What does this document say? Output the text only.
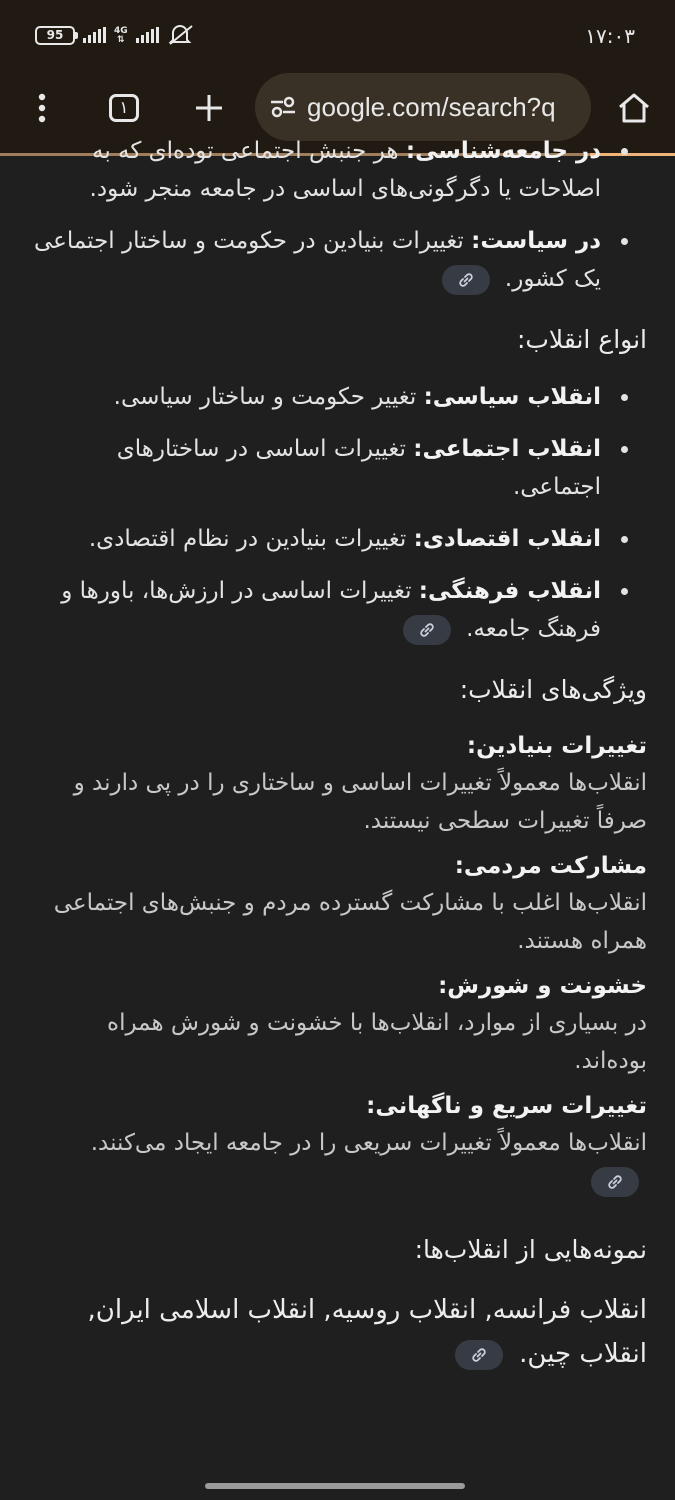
95	4G
⇅	۱۷:۰۳
۱	google.com/search?q
در جامعه‌شناسی: هر جنبش اجتماعی توده‌ای که به اصلاحات یا دگرگونی‌های اساسی در جامعه منجر شود.
در سیاست: تغییرات بنیادین در حکومت و ساختار اجتماعی یک کشور.
انواع انقلاب:
انقلاب سیاسی: تغییر حکومت و ساختار سیاسی.
انقلاب اجتماعی: تغییرات اساسی در ساختارهای اجتماعی.
انقلاب اقتصادی: تغییرات بنیادین در نظام اقتصادی.
انقلاب فرهنگی: تغییرات اساسی در ارزش‌ها، باورها و فرهنگ جامعه.
ویژگی‌های انقلاب:
تغییرات بنیادین:
انقلاب‌ها معمولاً تغییرات اساسی و ساختاری را در پی دارند و صرفاً تغییرات سطحی نیستند.
مشارکت مردمی:
انقلاب‌ها اغلب با مشارکت گسترده مردم و جنبش‌های اجتماعی همراه هستند.
خشونت و شورش:
در بسیاری از موارد، انقلاب‌ها با خشونت و شورش همراه بوده‌اند.
تغییرات سریع و ناگهانی:
انقلاب‌ها معمولاً تغییرات سریعی را در جامعه ایجاد می‌کنند.
نمونه‌هایی از انقلاب‌ها:
انقلاب فرانسه, انقلاب روسیه, انقلاب اسلامی ایران, انقلاب چین.
